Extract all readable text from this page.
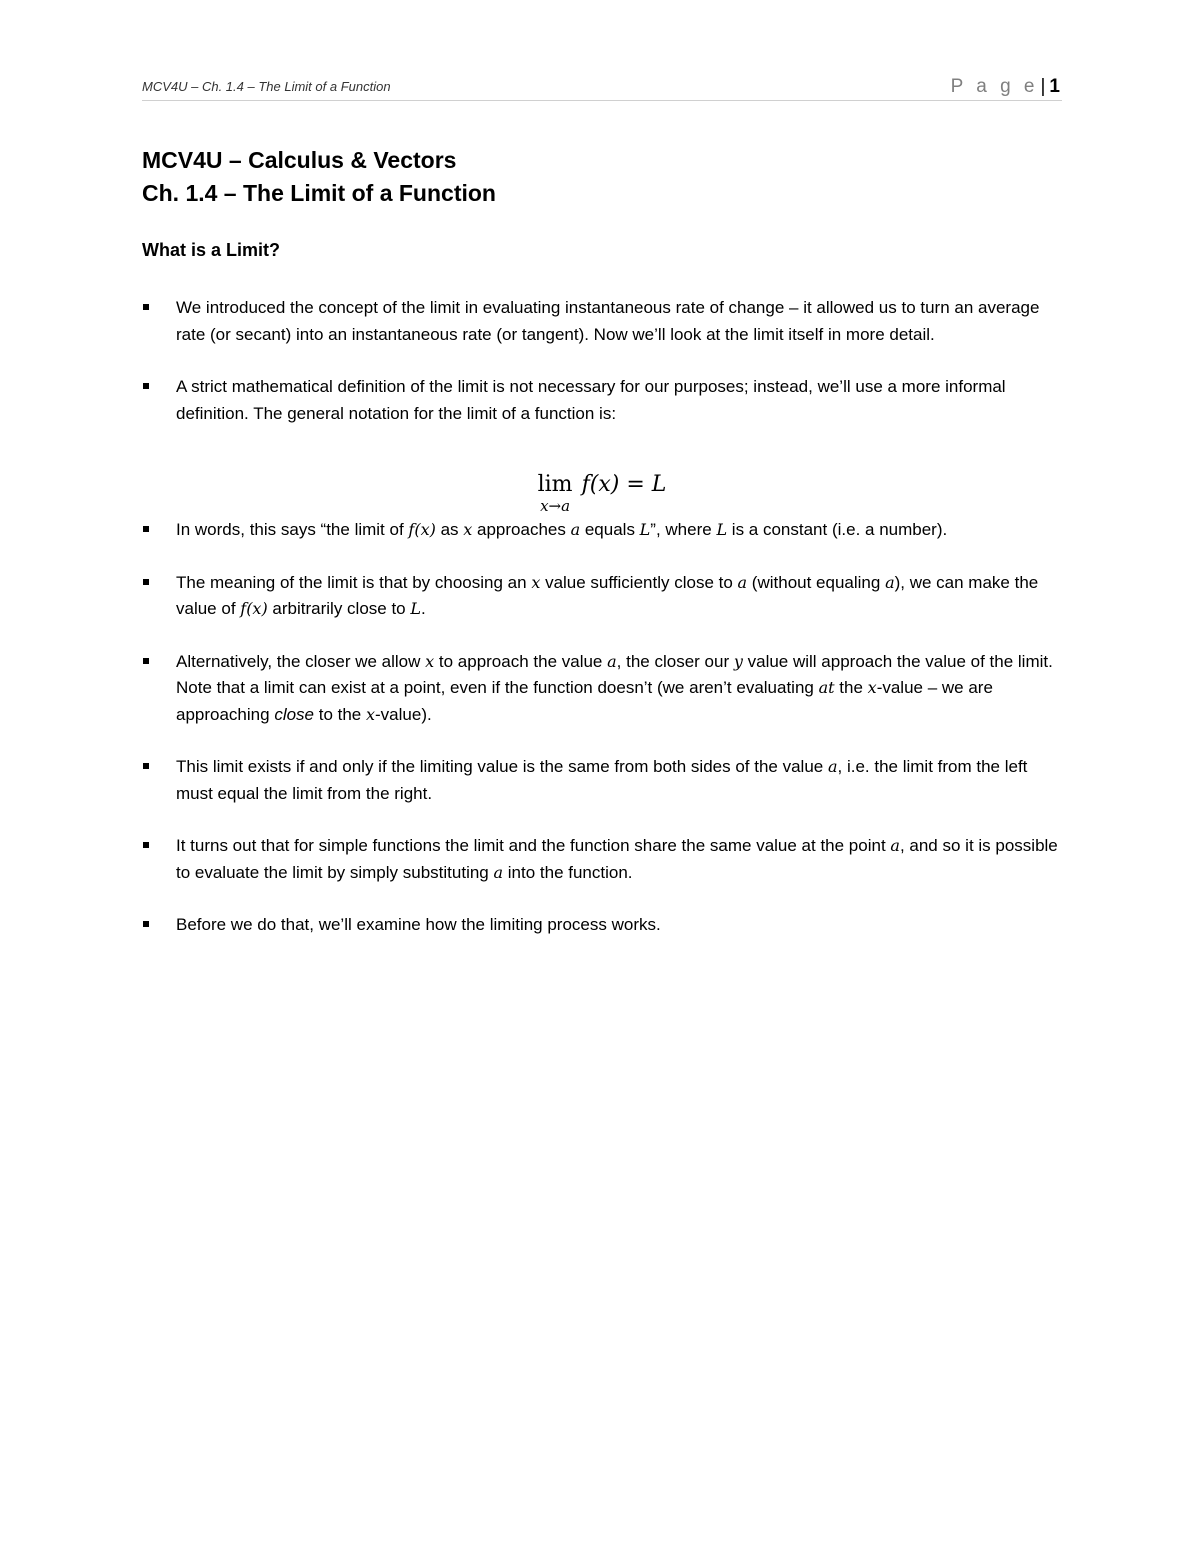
MCV4U – Ch. 1.4 – The Limit of a Function	P a g e | 1
MCV4U – Calculus & Vectors
Ch. 1.4 – The Limit of a Function
What is a Limit?
We introduced the concept of the limit in evaluating instantaneous rate of change – it allowed us to turn an average rate (or secant) into an instantaneous rate (or tangent). Now we’ll look at the limit itself in more detail.
A strict mathematical definition of the limit is not necessary for our purposes; instead, we’ll use a more informal definition. The general notation for the limit of a function is:
In words, this says “the limit of f(x) as x approaches a equals L”, where L is a constant (i.e. a number).
The meaning of the limit is that by choosing an x value sufficiently close to a (without equaling a), we can make the value of f(x) arbitrarily close to L.
Alternatively, the closer we allow x to approach the value a, the closer our y value will approach the value of the limit. Note that a limit can exist at a point, even if the function doesn’t (we aren’t evaluating at the x-value – we are approaching close to the x-value).
This limit exists if and only if the limiting value is the same from both sides of the value a, i.e. the limit from the left must equal the limit from the right.
It turns out that for simple functions the limit and the function share the same value at the point a, and so it is possible to evaluate the limit by simply substituting a into the function.
Before we do that, we’ll examine how the limiting process works.
lim
x→a
f(x) = L
